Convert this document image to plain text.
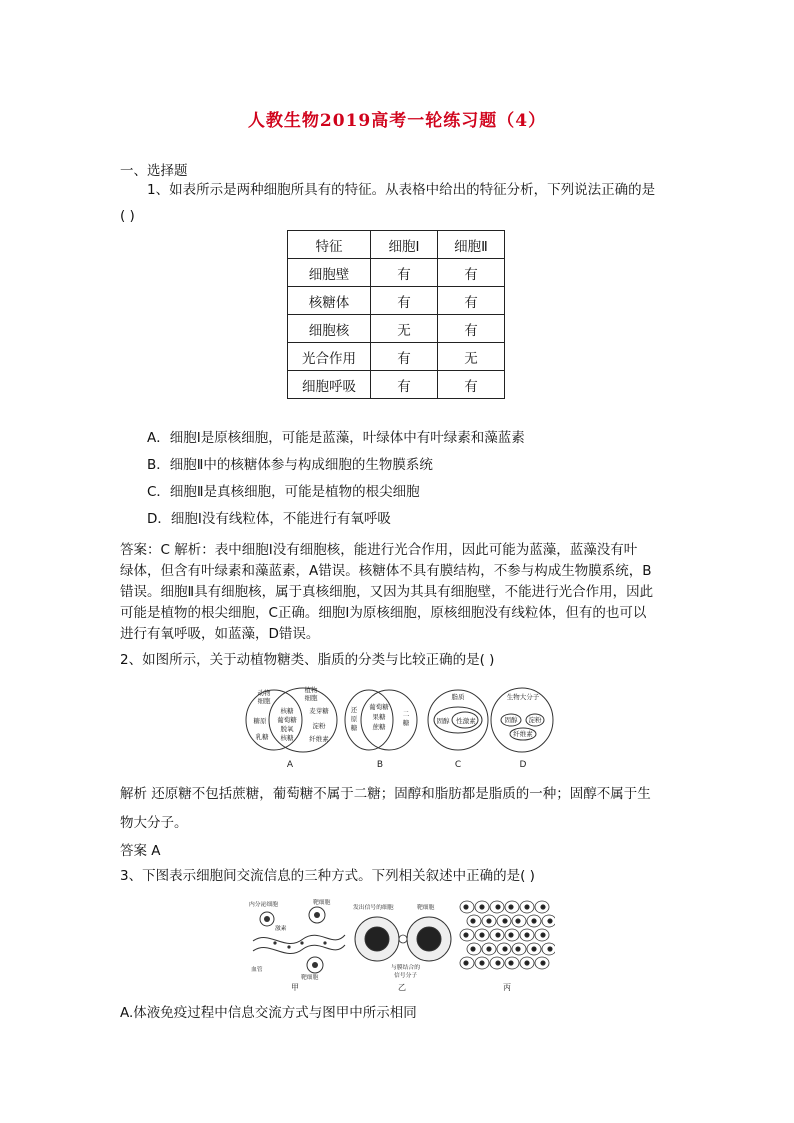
人教生物2019高考一轮练习题（4）
一、选择题
1、如表所示是两种细胞所具有的特征。从表格中给出的特征分析，下列说法正确的是
( )
特征	细胞Ⅰ	细胞Ⅱ
细胞壁	有	有
核糖体	有	有
细胞核	无	有
光合作用	有	无
细胞呼吸	有	有
A．细胞Ⅰ是原核细胞，可能是蓝藻，叶绿体中有叶绿素和藻蓝素
B．细胞Ⅱ中的核糖体参与构成细胞的生物膜系统
C．细胞Ⅱ是真核细胞，可能是植物的根尖细胞
D．细胞Ⅰ没有线粒体，不能进行有氧呼吸
答案：C 解析：表中细胞Ⅰ没有细胞核，能进行光合作用，因此可能为蓝藻，蓝藻没有叶
绿体，但含有叶绿素和藻蓝素，A错误。核糖体不具有膜结构，不参与构成生物膜系统，B
错误。细胞Ⅱ具有细胞核，属于真核细胞，又因为其具有细胞壁，不能进行光合作用，因此
可能是植物的根尖细胞，C正确。细胞Ⅰ为原核细胞，原核细胞没有线粒体，但有的也可以
进行有氧呼吸，如蓝藻，D错误。
2、如图所示，关于动植物糖类、脂质的分类与比较正确的是( )
动物
细胞
植物
细胞
糖原
乳糖
核糖
葡萄糖
脱氧
核糖
麦芽糖
淀粉
纤维素
还
原
糖
葡萄糖
果糖
蔗糖
二
糖
脂质
固醇 性激素
生物大分子
固醇 淀粉
纤维素
A	B	C	D
解析 还原糖不包括蔗糖，葡萄糖不属于二糖；固醇和脂肪都是脂质的一种；固醇不属于生
物大分子。
答案 A
3、下图表示细胞间交流信息的三种方式。下列相关叙述中正确的是( )
内分泌细胞	靶细胞
激素
血管
靶细胞
甲
发出信号的细胞	靶细胞
与膜结合的
信号分子
乙	丙
A.体液免疫过程中信息交流方式与图甲中所示相同
